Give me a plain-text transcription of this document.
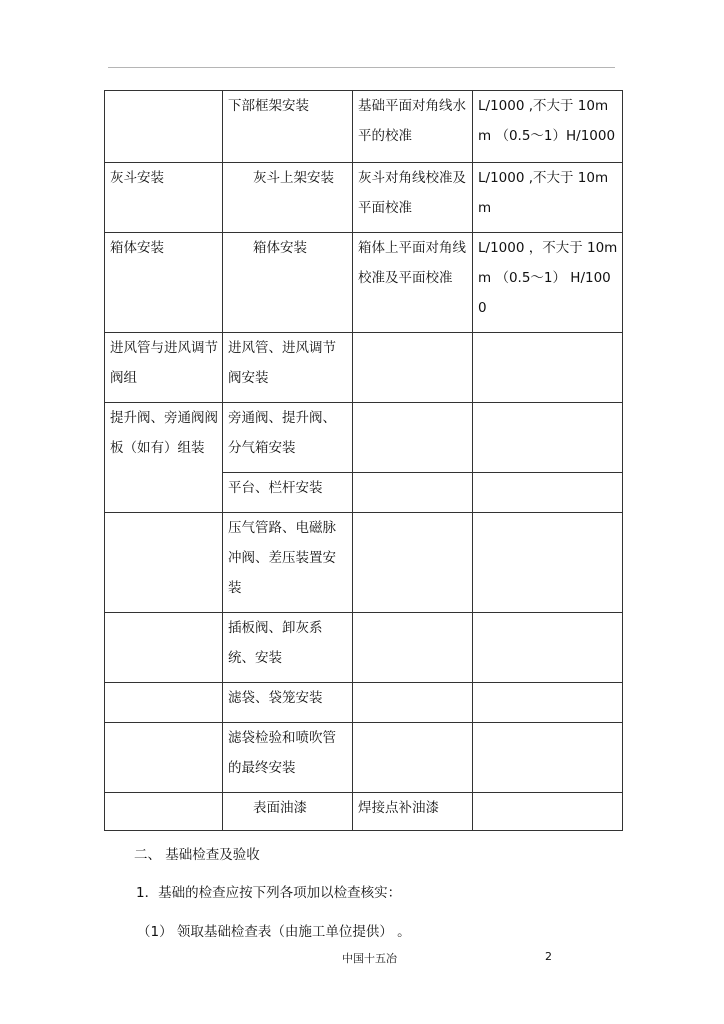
	下部框架安装	基础平面对角线水平的校准	L/1000 ,不大于 10mm （0.5～1）H/1000
灰斗安装	灰斗上架安装	灰斗对角线校准及平面校准	L/1000 ,不大于 10mm
箱体安装	箱体安装	箱体上平面对角线校准及平面校准	L/1000 ，不大于 10mm （0.5～1） H/1000
进风管与进风调节阀组	进风管、进风调节阀安装		
提升阀、旁通阀阀板（如有）组装	旁通阀、提升阀、分气箱安装		
	平台、栏杆安装		
	压气管路、电磁脉冲阀、差压装置安装		
	插板阀、卸灰系统、安装		
	滤袋、袋笼安装		
	滤袋检验和喷吹管的最终安装		
	表面油漆	焊接点补油漆	
二、 基础检查及验收
1．基础的检查应按下列各项加以检查核实：
（1） 领取基础检查表（由施工单位提供） 。
中国十五冶	2
